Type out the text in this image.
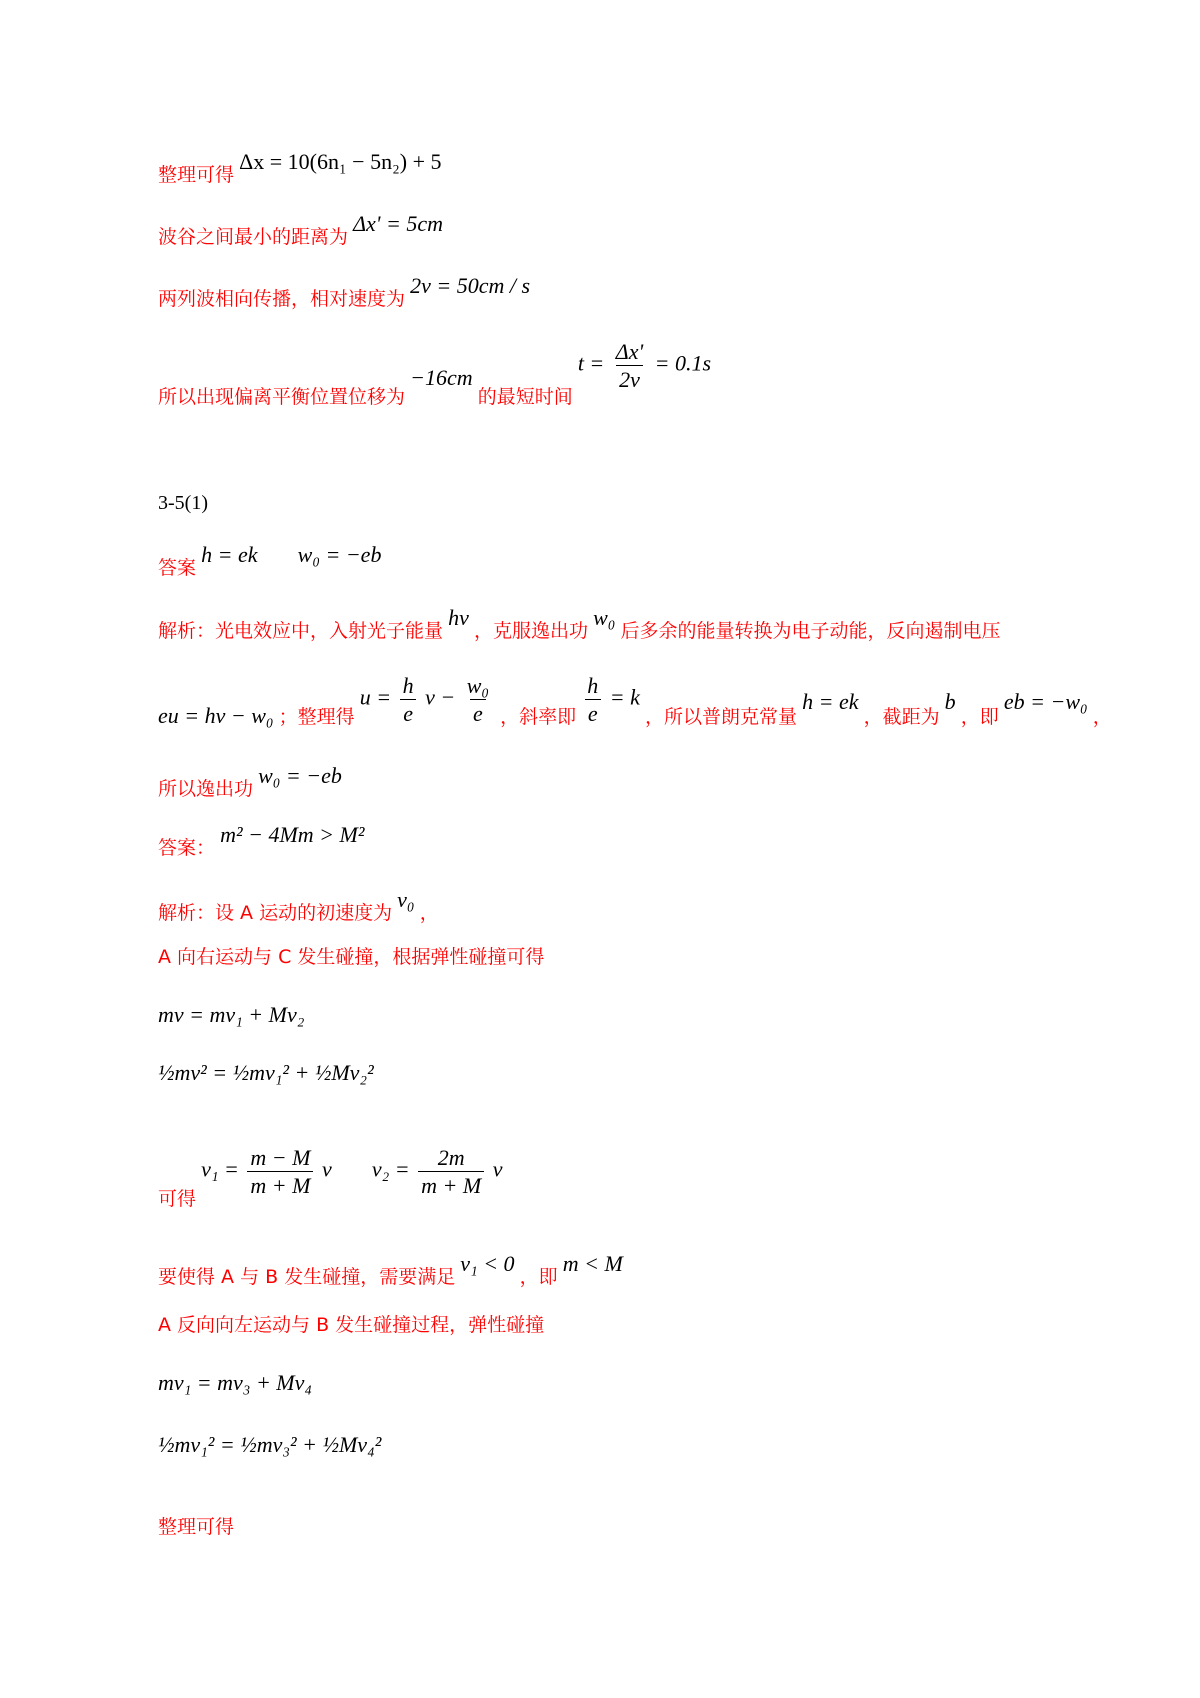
整理可得 Δx = 10(6n₁ − 5n₂) + 5
波谷之间最小的距离为 Δx' = 5cm
两列波相向传播，相对速度为 2v = 50cm / s
所以出现偏离平衡位置位移为 −16cm 的最短时间 $t = \frac{\Delta x'}{2v} = 0.1s$
3-5(1)
答案 h = ek w₀ = −eb
解析：光电效应中，入射光子能量 hν ，克服逸出功 w₀ 后多余的能量转换为电子动能，反向遏制电压
eu = hν − w₀ ；整理得 $u = \frac{h}{e}$ $\nu - \frac{\text{w₀}}{e}$ ，斜率即 $\frac{h}{e} = k$ ，所以普朗克常量 h = ek ，截距为 b ，即 eb = −w₀ ，
所以逸出功 w₀ = −eb
答案： m² − 4Mm > M²
解析：设 A 运动的初速度为 v₀ ，
A 向右运动与 C 发生碰撞，根据弹性碰撞可得
mv = mv₁ + Mv₂
½mv² = ½mv₁² + ½Mv₂²
可得 $v_1 = \frac{m - M}{m + M}$ v $v_2 = \frac{2m}{m + M}$ v
要使得 A 与 B 发生碰撞，需要满足 v₁ < 0 ，即 m < M
A 反向向左运动与 B 发生碰撞过程，弹性碰撞
mv₁ = mv₃ + Mv₄
½mv₁² = ½mv₃² + ½Mv₄²
整理可得
